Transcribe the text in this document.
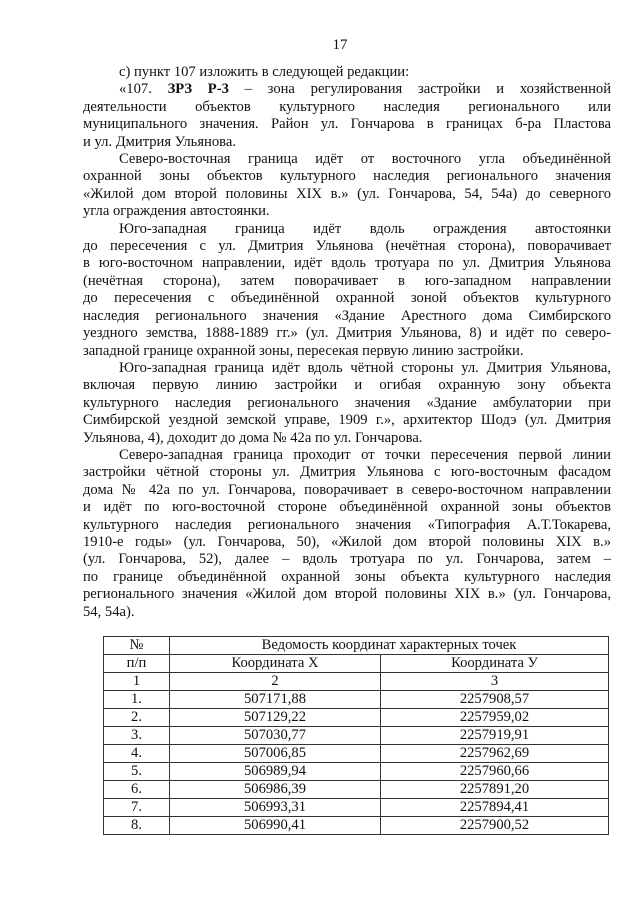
17
с) пункт 107 изложить в следующей редакции:
«107. ЗРЗ Р-3 – зона регулирования застройки и хозяйственной
деятельности объектов культурного наследия регионального или
муниципального значения. Район ул. Гончарова в границах б-ра Пластова
и ул. Дмитрия Ульянова.
Северо-восточная граница идёт от восточного угла объединённой
охранной зоны объектов культурного наследия регионального значения
«Жилой дом второй половины XIX в.» (ул. Гончарова, 54, 54а) до северного
угла ограждения автостоянки.
Юго-западная граница идёт вдоль ограждения автостоянки
до пересечения с ул. Дмитрия Ульянова (нечётная сторона), поворачивает
в юго-восточном направлении, идёт вдоль тротуара по ул. Дмитрия Ульянова
(нечётная сторона), затем поворачивает в юго-западном направлении
до пересечения с объединённой охранной зоной объектов культурного
наследия регионального значения «Здание Арестного дома Симбирского
уездного земства, 1888-1889 гг.» (ул. Дмитрия Ульянова, 8) и идёт по северо-
западной границе охранной зоны, пересекая первую линию застройки.
Юго-западная граница идёт вдоль чётной стороны ул. Дмитрия Ульянова,
включая первую линию застройки и огибая охранную зону объекта
культурного наследия регионального значения «Здание амбулатории при
Симбирской уездной земской управе, 1909 г.», архитектор Шодэ (ул. Дмитрия
Ульянова, 4), доходит до дома № 42а по ул. Гончарова.
Северо-западная граница проходит от точки пересечения первой линии
застройки чётной стороны ул. Дмитрия Ульянова с юго-восточным фасадом
дома № 42а по ул. Гончарова, поворачивает в северо-восточном направлении
и идёт по юго-восточной стороне объединённой охранной зоны объектов
культурного наследия регионального значения «Типография А.Т.Токарева,
1910-е годы» (ул. Гончарова, 50), «Жилой дом второй половины XIX в.»
(ул. Гончарова, 52), далее – вдоль тротуара по ул. Гончарова, затем –
по границе объединённой охранной зоны объекта культурного наследия
регионального значения «Жилой дом второй половины XIX в.» (ул. Гончарова,
54, 54а).
№	Ведомость координат характерных точек	
п/п	Координата X	Координата У
1	2	3
1.	507171,88	2257908,57
2.	507129,22	2257959,02
3.	507030,77	2257919,91
4.	507006,85	2257962,69
5.	506989,94	2257960,66
6.	506986,39	2257891,20
7.	506993,31	2257894,41
8.	506990,41	2257900,52
